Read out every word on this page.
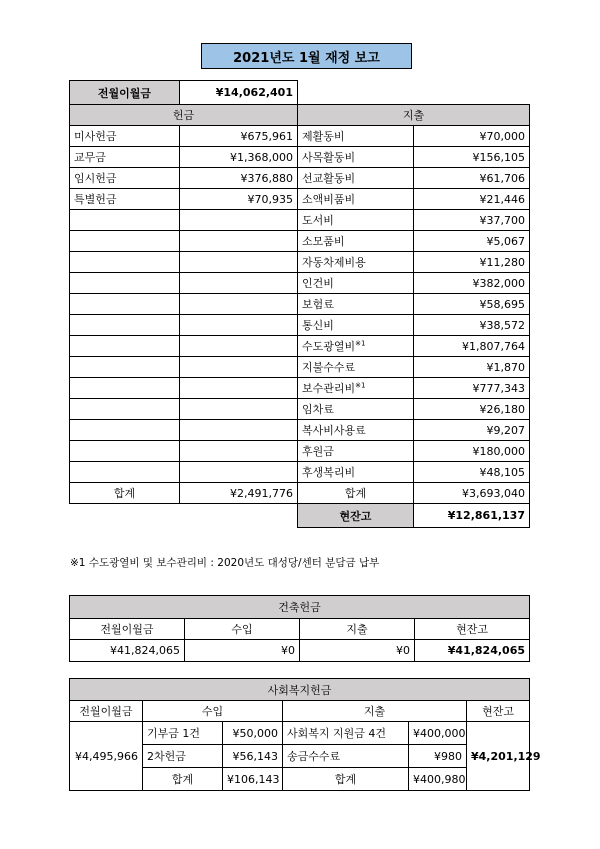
2021년도 1월 재정 보고
전월이월금	¥14,062,401		
헌금		지출	
미사헌금	¥675,961	제활동비	¥70,000
교무금	¥1,368,000	사목활동비	¥156,105
임시헌금	¥376,880	선교활동비	¥61,706
특별헌금	¥70,935	소액비품비	¥21,446
		도서비	¥37,700
		소모품비	¥5,067
		자동차제비용	¥11,280
		인건비	¥382,000
		보험료	¥58,695
		통신비	¥38,572
		수도광열비$^{※1}$	¥1,807,764
		지불수수료	¥1,870
		보수관리비$^{※1}$	¥777,343
		임차료	¥26,180
		복사비사용료	¥9,207
		후원금	¥180,000
		후생복리비	¥48,105
합계	¥2,491,776	합계	¥3,693,040
		현잔고	¥12,861,137
※1 수도광열비 및 보수관리비 : 2020년도 대성당/센터 분담금 납부
건축헌금			
전월이월금	수입	지출	현잔고
¥41,824,065	¥0	¥0	¥41,824,065
사회복지헌금					
전월이월금	수입		지출		현잔고
¥4,495,966	기부금 1건	¥50,000	사회복지 지원금 4건	¥400,000	¥4,201,129
	2차헌금	¥56,143	송금수수료	¥980	
	합계	¥106,143	합계	¥400,980	
